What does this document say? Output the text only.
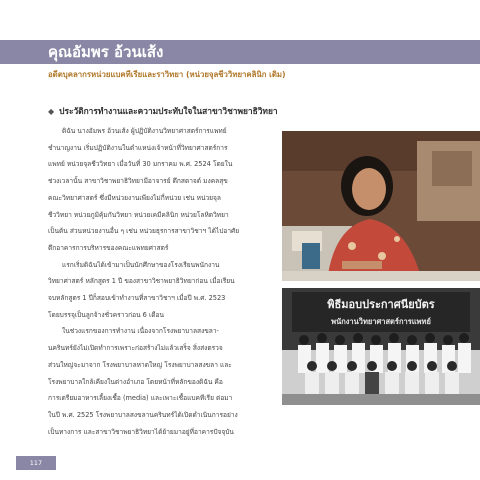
คุณอัมพร อ้วนเส้ง
อดีตบุคลากรหน่วยแบคทีเรียและราวิทยา (หน่วยจุลชีววิทยาคลินิก เดิม)
◆ ประวัติการทำงานและความประทับใจในสาขาวิชาพยาธิวิทยา

ดิฉัน นางอัมพร อ้วนเส้ง ผู้ปฏิบัติงานวิทยาศาสตร์การแพทย์

ชำนาญงาน เริ่มปฏิบัติงานในตำแหน่งเจ้าหน้าที่วิทยาศาสตร์การ

แพทย์ หน่วยจุลชีววิทยา เมื่อวันที่ 30 มกราคม พ.ศ. 2524 โดยใน

ช่วงเวลานั้น สาขาวิชาพยาธิวิทยามีอาจารย์ ดึกสดาจด์ มงคลสุข

คณะวิทยาศาสตร์ ซึ่งมีหน่วยงานเพียงไม่กี่หน่วย เช่น หน่วยจุล

ชีววิทยา หน่วยภูมิคุ้มกันวิทยา หน่วยเคมีคลินิก หน่วยโลหิตวิทยา

เป็นต้น ส่วนหน่วยงานอื่น ๆ เช่น หน่วยธุรการสาขาวิชาฯ ได้ไปอาศัย

ตึกอาคารการบริหารของคณะแพทยศาสตร์

แรกเริ่มดิฉันได้เข้ามาเป็นนักศึกษาของโรงเรียนพนักงาน

วิทยาศาสตร์ หลักสูตร 1 ปี ของสาขาวิชาพยาธิวิทยาก่อน เมื่อเรียน

จบหลักสูตร 1 ปีก็สอบเข้าทำงานที่สาขาวิชาฯ เมื่อปี พ.ศ. 2523

โดยบรรจุเป็นลูกจ้างชั่วคราวก่อน 6 เดือน

ในช่วงแรกของการทำงาน เนื่องจากโรงพยาบาลสงขลา-

นครินทร์ยังไม่เปิดทำการเพราะก่อสร้างไม่แล้วเสร็จ สิ่งส่งตรวจ

ส่วนใหญ่จะมาจาก โรงพยาบาลหาดใหญ่ โรงพยาบาลสงขลา และ

โรงพยาบาลใกล้เคียงในต่างอำเภอ โดยหน้าที่หลักของดิฉัน คือ

การเตรียมอาหารเลี้ยงเชื้อ (media) และเพาะเชื้อแบคทีเรีย ต่อมา

ในปี พ.ศ. 2525 โรงพยาบาลสงขลานครินทร์ได้เปิดดำเนินการอย่าง

เป็นทางการ และสาขาวิชาพยาธิวิทยาได้ย้ายมาอยู่ที่อาคารปัจจุบัน

พิธีมอบประกาศนียบัตร
พนักงานวิทยาศาสตร์การแพทย์
117
